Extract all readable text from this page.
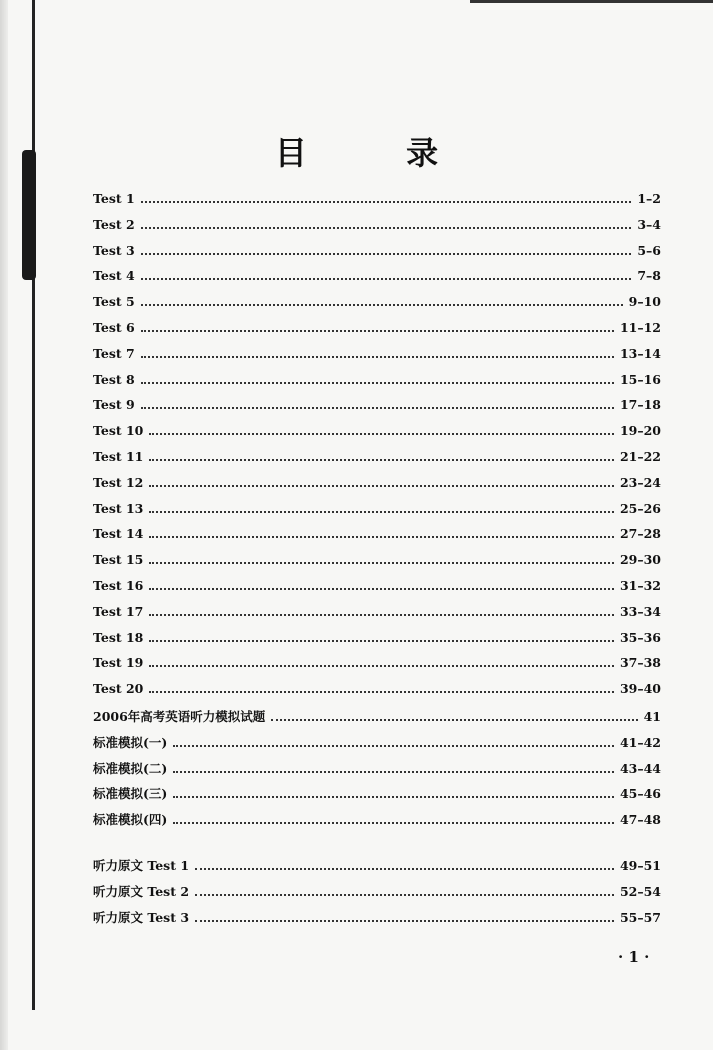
目 录
Test 1	1–2
Test 2	3–4
Test 3	5–6
Test 4	7–8
Test 5	9–10
Test 6	11–12
Test 7	13–14
Test 8	15–16
Test 9	17–18
Test 10	19–20
Test 11	21–22
Test 12	23–24
Test 13	25–26
Test 14	27–28
Test 15	29–30
Test 16	31–32
Test 17	33–34
Test 18	35–36
Test 19	37–38
Test 20	39–40
2006年高考英语听力模拟试题	41
标准模拟(一)	41–42
标准模拟(二)	43–44
标准模拟(三)	45–46
标准模拟(四)	47–48
听力原文 Test 1	49–51
听力原文 Test 2	52–54
听力原文 Test 3	55–57
· 1 ·
